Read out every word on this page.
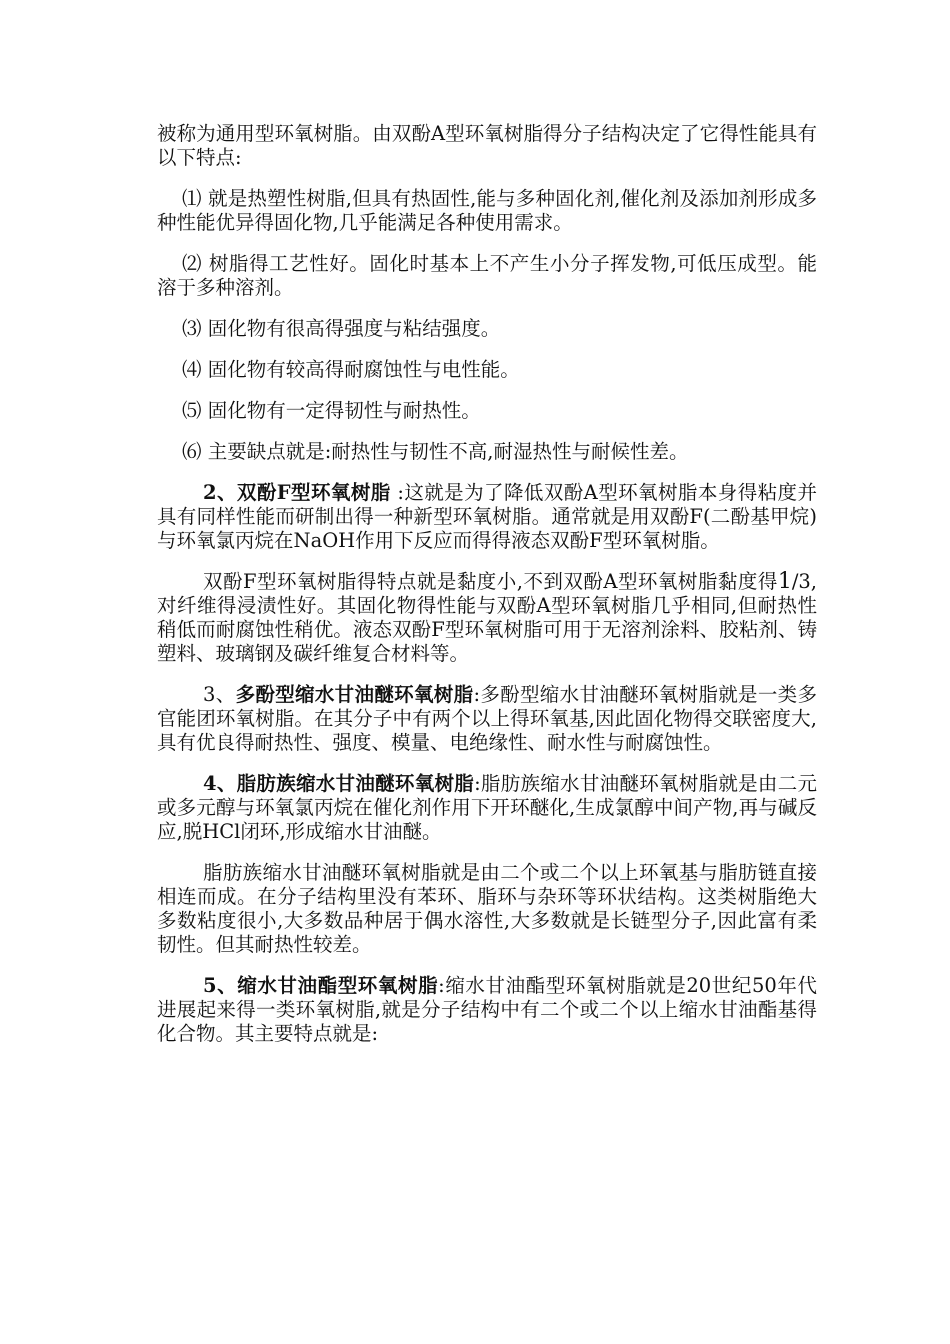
被称为通用型环氧树脂。由双酚A型环氧树脂得分子结构决定了它得性能具有以下特点:

⑴ 就是热塑性树脂,但具有热固性,能与多种固化剂,催化剂及添加剂形成多种性能优异得固化物,几乎能满足各种使用需求。

⑵ 树脂得工艺性好。固化时基本上不产生小分子挥发物,可低压成型。能溶于多种溶剂。

⑶ 固化物有很高得强度与粘结强度。

⑷ 固化物有较高得耐腐蚀性与电性能。

⑸ 固化物有一定得韧性与耐热性。

⑹ 主要缺点就是:耐热性与韧性不高,耐湿热性与耐候性差。

2、双酚F型环氧树脂 :这就是为了降低双酚A型环氧树脂本身得粘度并具有同样性能而研制出得一种新型环氧树脂。通常就是用双酚F(二酚基甲烷)与环氧氯丙烷在NaOH作用下反应而得得液态双酚F型环氧树脂。

双酚F型环氧树脂得特点就是黏度小,不到双酚A型环氧树脂黏度得1/3,对纤维得浸渍性好。其固化物得性能与双酚A型环氧树脂几乎相同,但耐热性稍低而耐腐蚀性稍优。液态双酚F型环氧树脂可用于无溶剂涂料、胶粘剂、铸塑料、玻璃钢及碳纤维复合材料等。

3、多酚型缩水甘油醚环氧树脂:多酚型缩水甘油醚环氧树脂就是一类多官能团环氧树脂。在其分子中有两个以上得环氧基,因此固化物得交联密度大,具有优良得耐热性、强度、模量、电绝缘性、耐水性与耐腐蚀性。

4、脂肪族缩水甘油醚环氧树脂:脂肪族缩水甘油醚环氧树脂就是由二元或多元醇与环氧氯丙烷在催化剂作用下开环醚化,生成氯醇中间产物,再与碱反应,脱HCl闭环,形成缩水甘油醚。

脂肪族缩水甘油醚环氧树脂就是由二个或二个以上环氧基与脂肪链直接相连而成。在分子结构里没有苯环、脂环与杂环等环状结构。这类树脂绝大多数粘度很小,大多数品种居于偶水溶性,大多数就是长链型分子,因此富有柔韧性。但其耐热性较差。

5、缩水甘油酯型环氧树脂:缩水甘油酯型环氧树脂就是20世纪50年代进展起来得一类环氧树脂,就是分子结构中有二个或二个以上缩水甘油酯基得化合物。其主要特点就是:
